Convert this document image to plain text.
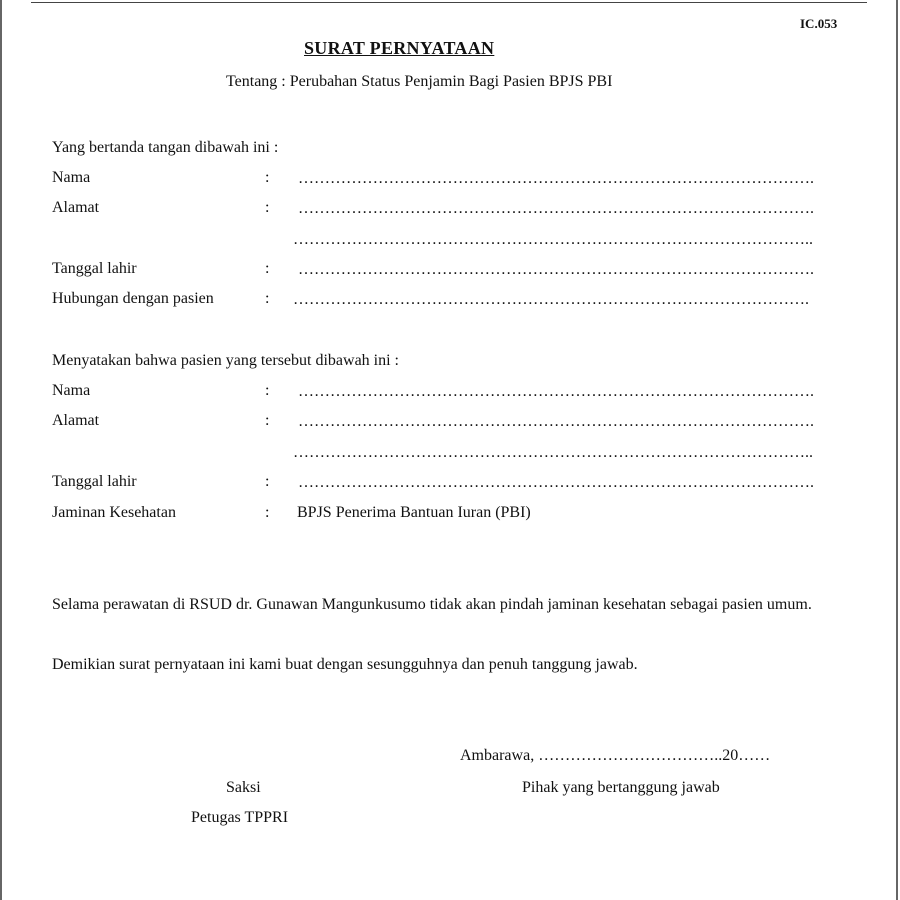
IC.053
SURAT PERNYATAAN
Tentang : Perubahan Status Penjamin Bagi Pasien BPJS PBI
Yang bertanda tangan dibawah ini :
Nama	: …………………………………………………………………………………….
Alamat	: …………………………………………………………………………………….
……………………………………………………………………………………..
Tanggal lahir	: …………………………………………………………………………………….
Hubungan dengan pasien	: …………………………………………………………………………………….
Menyatakan bahwa pasien yang tersebut dibawah ini :
Nama	: …………………………………………………………………………………….
Alamat	: …………………………………………………………………………………….
……………………………………………………………………………………..
Tanggal lahir	: …………………………………………………………………………………….
Jaminan Kesehatan	: BPJS Penerima Bantuan Iuran (PBI)
Selama perawatan di RSUD dr. Gunawan Mangunkusumo tidak akan pindah jaminan kesehatan sebagai pasien umum.
Demikian surat pernyataan ini kami buat dengan sesungguhnya dan penuh tanggung jawab.
Ambarawa, ……………………………..20……
Saksi	Pihak yang bertanggung jawab
Petugas TPPRI
